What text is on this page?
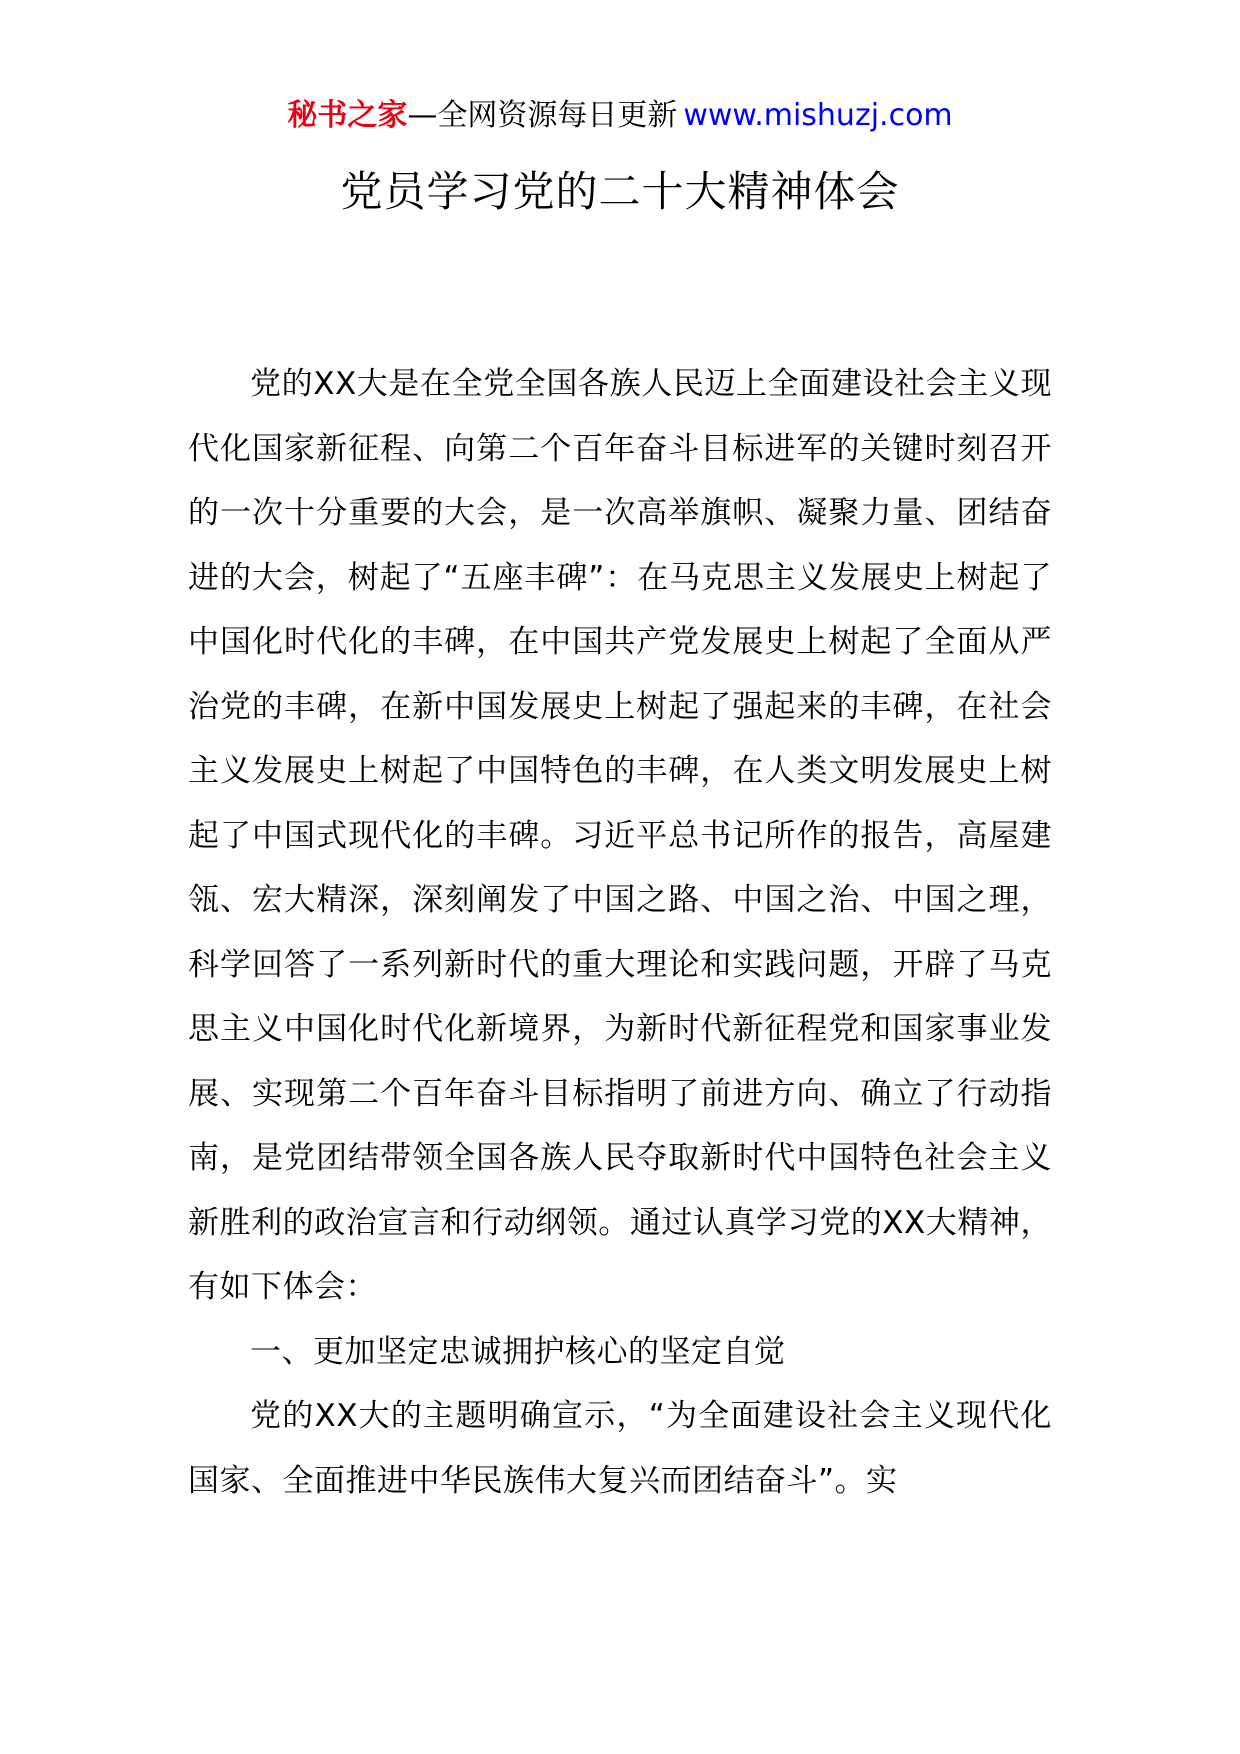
秘书之家—全网资源每日更新 www.mishuzj.com
党员学习党的二十大精神体会

党的XX大是在全党全国各族人民迈上全面建设社会主义现代化国家新征程、向第二个百年奋斗目标进军的关键时刻召开的一次十分重要的大会，是一次高举旗帜、凝聚力量、团结奋进的大会，树起了“五座丰碑”：在马克思主义发展史上树起了中国化时代化的丰碑，在中国共产党发展史上树起了全面从严治党的丰碑，在新中国发展史上树起了强起来的丰碑，在社会主义发展史上树起了中国特色的丰碑，在人类文明发展史上树起了中国式现代化的丰碑。习近平总书记所作的报告，高屋建瓴、宏大精深，深刻阐发了中国之路、中国之治、中国之理，科学回答了一系列新时代的重大理论和实践问题，开辟了马克思主义中国化时代化新境界，为新时代新征程党和国家事业发展、实现第二个百年奋斗目标指明了前进方向、确立了行动指南，是党团结带领全国各族人民夺取新时代中国特色社会主义新胜利的政治宣言和行动纲领。通过认真学习党的XX大精神，有如下体会：

一、更加坚定忠诚拥护核心的坚定自觉

党的XX大的主题明确宣示，“为全面建设社会主义现代化国家、全面推进中华民族伟大复兴而团结奋斗”。实
